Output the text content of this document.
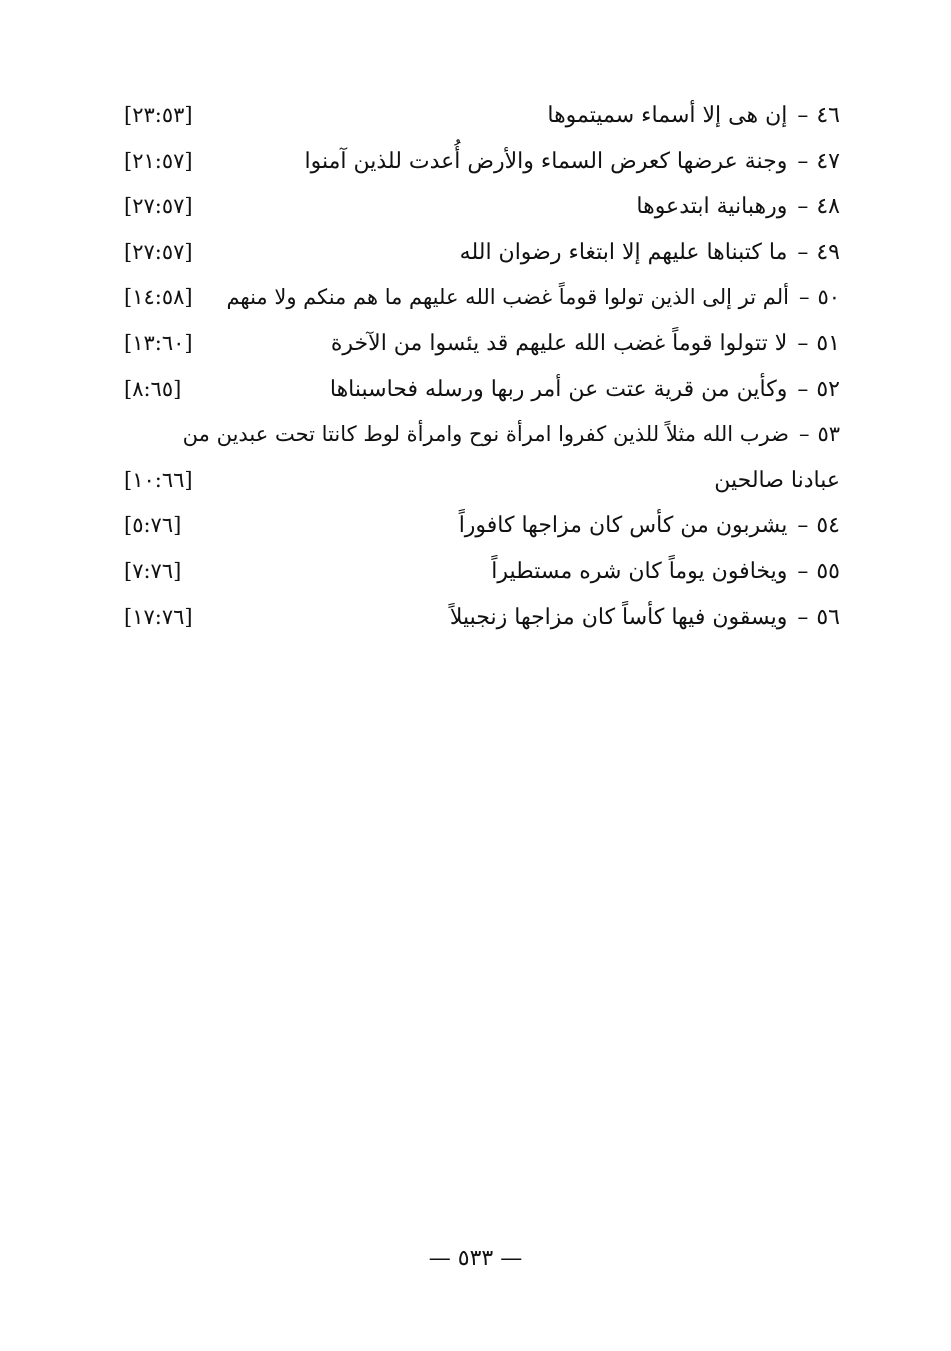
٤٦–إن هى إلا أسماء سميتموها
[٢٣:٥٣]
٤٧–وجنة عرضها كعرض السماء والأرض أُعدت للذين آمنوا
[٢١:٥٧]
٤٨–ورهبانية ابتدعوها
[٢٧:٥٧]
٤٩–ما كتبناها عليهم إلا ابتغاء رضوان الله
[٢٧:٥٧]
٥٠–ألم تر إلى الذين تولوا قوماً غضب الله عليهم ما هم منكم ولا منهم
[١٤:٥٨]
٥١–لا تتولوا قوماً غضب الله عليهم قد يئسوا من الآخرة
[١٣:٦٠]
٥٢–وكأين من قرية عتت عن أمر ربها ورسله فحاسبناها
[٨:٦٥]
٥٣–ضرب الله مثلاً للذين كفروا امرأة نوح وامرأة لوط كانتا تحت عبدين من
عبادنا صالحين
[١٠:٦٦]
٥٤–يشربون من كأس كان مزاجها كافوراً
[٥:٧٦]
٥٥–ويخافون يوماً كان شره مستطيراً
[٧:٧٦]
٥٦–ويسقون فيها كأساً كان مزاجها زنجبيلاً
[١٧:٧٦]
— ٥٣٣ —
